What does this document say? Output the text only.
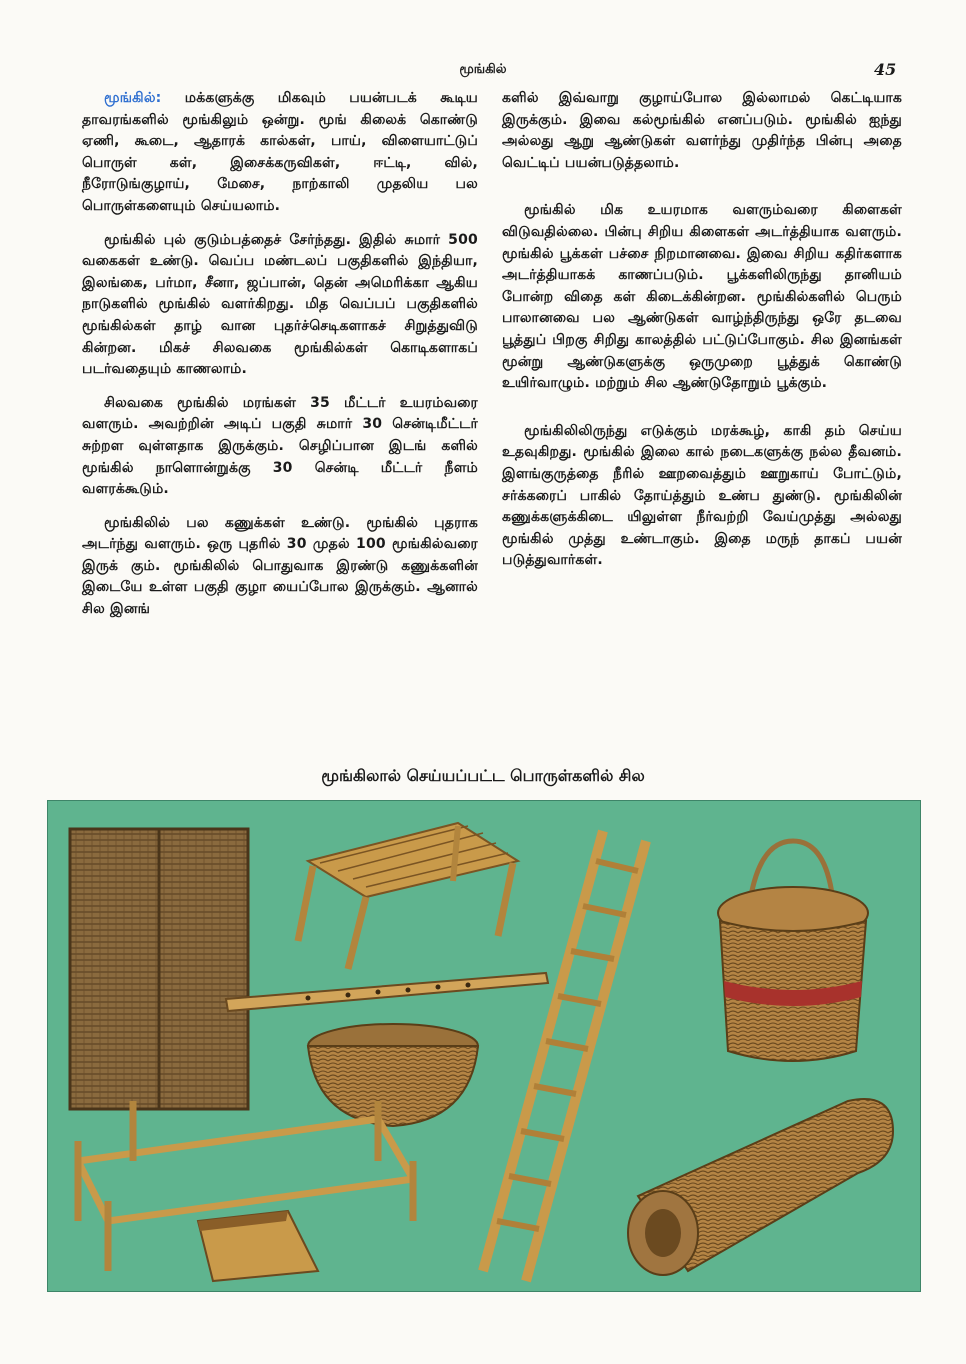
மூங்கில்	45

மூங்கில்: மக்களுக்கு மிகவும் பயன்படக் கூடிய தாவரங்களில் மூங்கிலும் ஒன்று. மூங் கிலைக் கொண்டு ஏணி, கூடை, ஆதாரக் கால்கள், பாய், விளையாட்டுப் பொருள் கள், இசைக்கருவிகள், ஈட்டி, வில், நீரோடுங்குழாய், மேசை, நாற்காலி முதலிய பல பொருள்களையும் செய்யலாம்.

மூங்கில் புல் குடும்பத்தைச் சேர்ந்தது. இதில் சுமார் 500 வகைகள் உண்டு. வெப்ப மண்டலப் பகுதிகளில் இந்தியா, இலங்கை, பர்மா, சீனா, ஜப்பான், தென் அமெரிக்கா ஆகிய நாடுகளில் மூங்கில் வளர்கிறது. மித வெப்பப் பகுதிகளில் மூங்கில்கள் தாழ் வான புதர்ச்செடிகளாகச் சிறுத்துவிடு கின்றன. மிகச் சிலவகை மூங்கில்கள் கொடிகளாகப் படர்வதையும் காணலாம்.

சிலவகை மூங்கில் மரங்கள் 35 மீட்டர் உயரம்வரை வளரும். அவற்றின் அடிப் பகுதி சுமார் 30 சென்டிமீட்டர் சுற்றள வுள்ளதாக இருக்கும். செழிப்பான இடங் களில் மூங்கில் நாளொன்றுக்கு 30 சென்டி மீட்டர் நீளம் வளரக்கூடும்.

மூங்கிலில் பல கணுக்கள் உண்டு. மூங்கில் புதராக அடர்ந்து வளரும். ஒரு புதரில் 30 முதல் 100 மூங்கில்வரை இருக் கும். மூங்கிலில் பொதுவாக இரண்டு கணுக்களின் இடையே உள்ள பகுதி குழா யைப்போல இருக்கும். ஆனால் சில இனங்

களில் இவ்வாறு குழாய்போல இல்லாமல் கெட்டியாக இருக்கும். இவை கல்மூங்கில் எனப்படும். மூங்கில் ஐந்து அல்லது ஆறு ஆண்டுகள் வளர்ந்து முதிர்ந்த பின்பு அதை வெட்டிப் பயன்படுத்தலாம்.

மூங்கில் மிக உயரமாக வளரும்வரை கிளைகள் விடுவதில்லை. பின்பு சிறிய கிளைகள் அடர்த்தியாக வளரும். மூங்கில் பூக்கள் பச்சை நிறமானவை. இவை சிறிய கதிர்களாக அடர்த்தியாகக் காணப்படும். பூக்களிலிருந்து தானியம் போன்ற விதை கள் கிடைக்கின்றன. மூங்கில்களில் பெரும் பாலானவை பல ஆண்டுகள் வாழ்ந்திருந்து ஒரே தடவை பூத்துப் பிறகு சிறிது காலத்தில் பட்டுப்போகும். சில இனங்கள் மூன்று ஆண்டுகளுக்கு ஒருமுறை பூத்துக் கொண்டு உயிர்வாழும். மற்றும் சில ஆண்டுதோறும் பூக்கும்.

மூங்கிலிலிருந்து எடுக்கும் மரக்கூழ், காகி தம் செய்ய உதவுகிறது. மூங்கில் இலை கால் நடைகளுக்கு நல்ல தீவனம். இளங்குருத்தை நீரில் ஊறவைத்தும் ஊறுகாய் போட்டும், சர்க்கரைப் பாகில் தோய்த்தும் உண்ப துண்டு. மூங்கிலின் கணுக்களுக்கிடை யிலுள்ள நீர்வற்றி வேய்முத்து அல்லது மூங்கில் முத்து உண்டாகும். இதை மருந் தாகப் பயன் படுத்துவார்கள்.

மூங்கிலால் செய்யப்பட்ட பொருள்களில் சில
